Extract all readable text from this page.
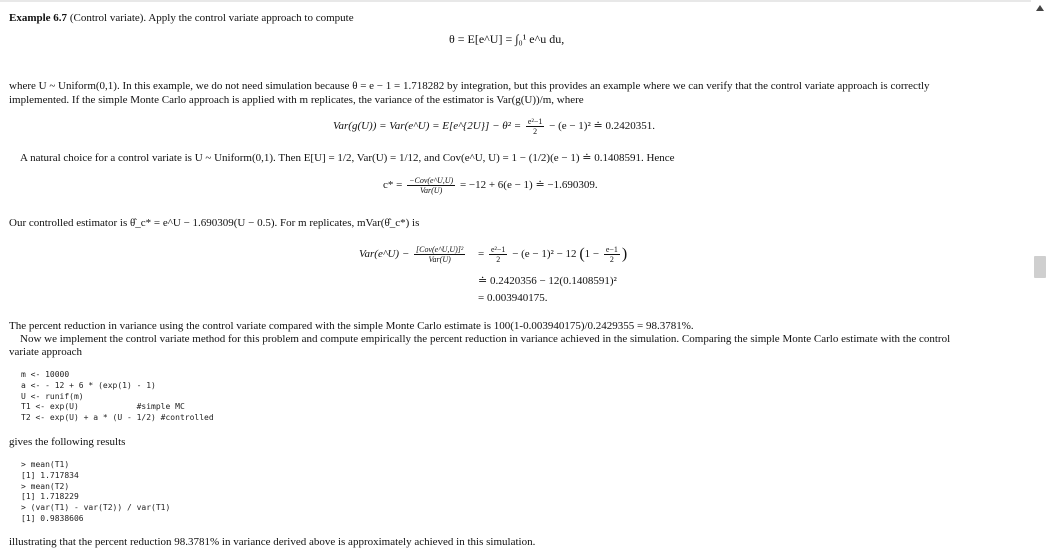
Example 6.7 (Control variate). Apply the control variate approach to compute
θ = E[e^U] = ∫₀¹ e^u du,
where U ~ Uniform(0,1). In this example, we do not need simulation because θ = e − 1 = 1.718282 by integration, but this provides an example where we can verify that the control variate approach is correctly
implemented. If the simple Monte Carlo approach is applied with m replicates, the variance of the estimator is Var(g(U))/m, where
Var(g(U)) = Var(e^U) = E[e^{2U}] − $\theta^2 = \frac{\text{e²−1}}{2} - (e - 1)^2$ ≐ 0.2420351.
A natural choice for a control variate is U ~ Uniform(0,1). Then E[U] = 1/2, Var(U) = 1/12, and Cov(e^U, U) = 1 − (1/2)(e − 1) ≐ 0.1408591. Hence
$c* = \frac{\text{−Cov(e\textasciicircum{}U,U)}}{\text{Var(U)}} = -12 + 6(e - 1)$ ≐ −1.690309.
Our controlled estimator is θ̂_c* = e^U − 1.690309(U − 0.5). For m replicates, mVar(θ̂_c*) is
Var(e^U) − $\frac{\text{[Cov(e\textasciicircum{}U,U)]²}}{\text{Var(U)}} = \frac{\text{e²−1}}{2} - (e - 1)^2 - 12$ ($1 - \frac{e-1}{2}$ )
≐ 0.2420356 − 12(0.1408591)²
= 0.003940175.
The percent reduction in variance using the control variate compared with the simple Monte Carlo estimate is 100(1-0.003940175)/0.2429355 = 98.3781%.
Now we implement the control variate method for this problem and compute empirically the percent reduction in variance achieved in the simulation. Comparing the simple Monte Carlo estimate with the control
variate approach
m <- 10000
a <- - 12 + 6 * (exp(1) - 1)
U <- runif(m)
T1 <- exp(U)            #simple MC
T2 <- exp(U) + a * (U - 1/2) #controlled
gives the following results
> mean(T1)
[1] 1.717834
> mean(T2)
[1] 1.718229
> (var(T1) - var(T2)) / var(T1)
[1] 0.9838606
illustrating that the percent reduction 98.3781% in variance derived above is approximately achieved in this simulation.
